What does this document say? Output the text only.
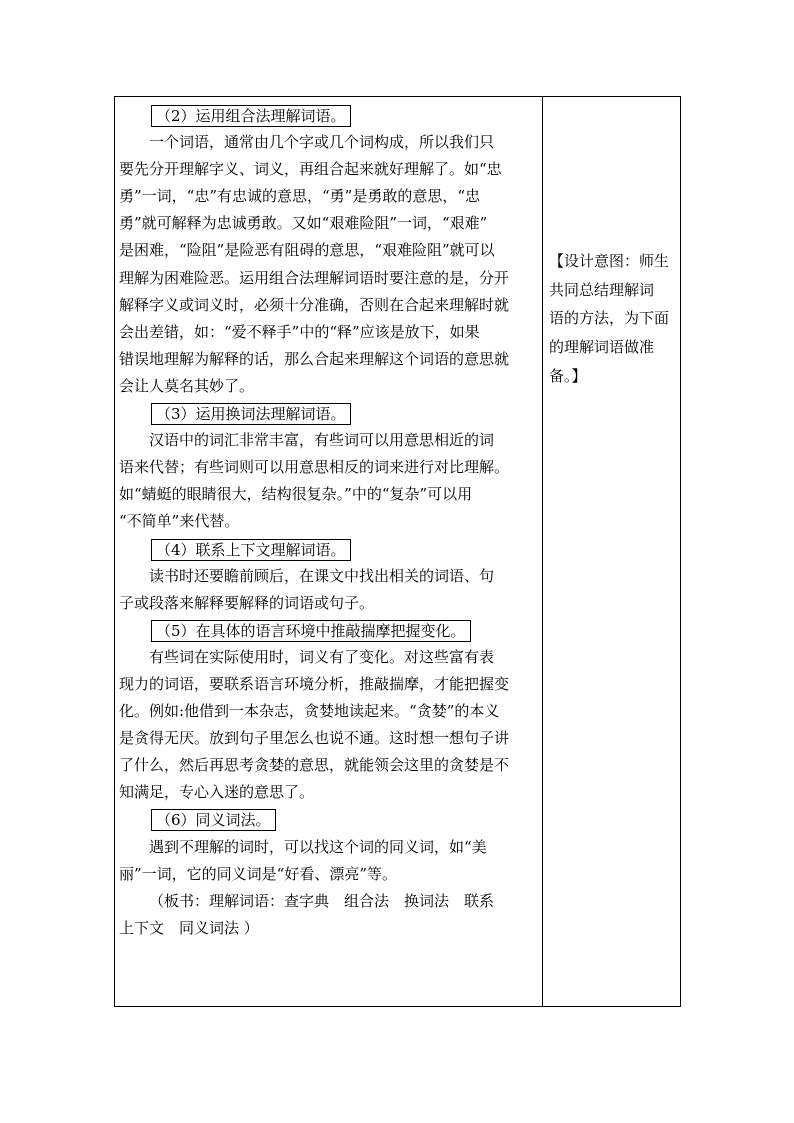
（2）运用组合法理解词语。
一个词语，通常由几个字或几个词构成，所以我们只
要先分开理解字义、词义，再组合起来就好理解了。如“忠
勇”一词，“忠”有忠诚的意思，“勇”是勇敢的意思，“忠
勇”就可解释为忠诚勇敢。又如“艰难险阻”一词，“艰难”
是困难，“险阻”是险恶有阻碍的意思，“艰难险阻”就可以
理解为困难险恶。运用组合法理解词语时要注意的是，分开
解释字义或词义时，必须十分准确，否则在合起来理解时就
会出差错，如：“爱不释手”中的“释”应该是放下，如果
错误地理解为解释的话，那么合起来理解这个词语的意思就
会让人莫名其妙了。
（3）运用换词法理解词语。
汉语中的词汇非常丰富，有些词可以用意思相近的词
语来代替；有些词则可以用意思相反的词来进行对比理解。
如“蜻蜓的眼睛很大，结构很复杂。”中的“复杂”可以用
“不简单”来代替。
（4）联系上下文理解词语。
读书时还要瞻前顾后，在课文中找出相关的词语、句
子或段落来解释要解释的词语或句子。
（5）在具体的语言环境中推敲揣摩把握变化。
有些词在实际使用时，词义有了变化。对这些富有表
现力的词语，要联系语言环境分析，推敲揣摩，才能把握变
化。例如:他借到一本杂志，贪婪地读起来。“贪婪”的本义
是贪得无厌。放到句子里怎么也说不通。这时想一想句子讲
了什么，然后再思考贪婪的意思，就能领会这里的贪婪是不
知满足，专心入迷的意思了。
（6）同义词法。
遇到不理解的词时，可以找这个词的同义词，如“美
丽”一词，它的同义词是“好看、漂亮”等。
（板书：理解词语：查字典　组合法　换词法　联系
上下文　同义词法 ）
【设计意图：师生
共同总结理解词
语的方法，为下面
的理解词语做准
备。】
